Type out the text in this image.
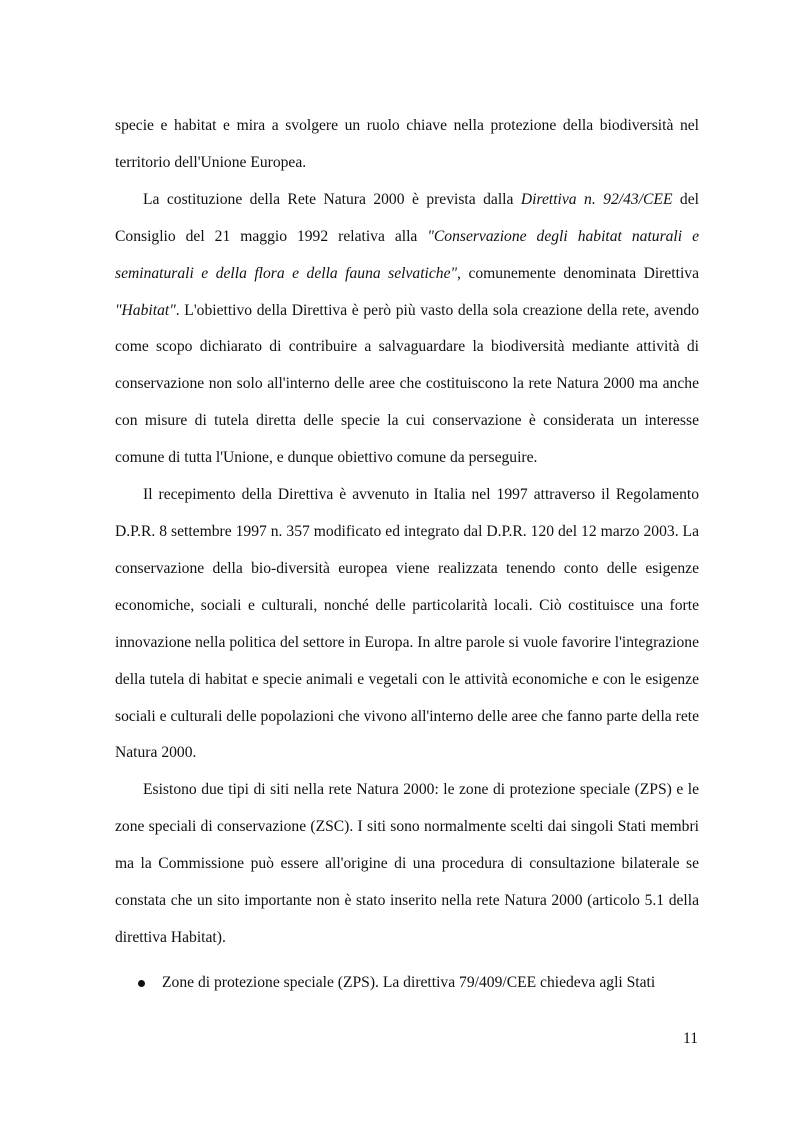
specie e habitat e mira a svolgere un ruolo chiave nella protezione della biodiversità nel territorio dell'Unione Europea.

La costituzione della Rete Natura 2000 è prevista dalla Direttiva n. 92/43/CEE del Consiglio del 21 maggio 1992 relativa alla "Conservazione degli habitat naturali e seminaturali e della flora e della fauna selvatiche", comunemente denominata Direttiva "Habitat". L'obiettivo della Direttiva è però più vasto della sola creazione della rete, avendo come scopo dichiarato di contribuire a salvaguardare la biodiversità mediante attività di conservazione non solo all'interno delle aree che costituiscono la rete Natura 2000 ma anche con misure di tutela diretta delle specie la cui conservazione è considerata un interesse comune di tutta l'Unione, e dunque obiettivo comune da perseguire.

Il recepimento della Direttiva è avvenuto in Italia nel 1997 attraverso il Regolamento D.P.R. 8 settembre 1997 n. 357 modificato ed integrato dal D.P.R. 120 del 12 marzo 2003. La conservazione della bio-diversità europea viene realizzata tenendo conto delle esigenze economiche, sociali e culturali, nonché delle particolarità locali. Ciò costituisce una forte innovazione nella politica del settore in Europa. In altre parole si vuole favorire l'integrazione della tutela di habitat e specie animali e vegetali con le attività economiche e con le esigenze sociali e culturali delle popolazioni che vivono all'interno delle aree che fanno parte della rete Natura 2000.

Esistono due tipi di siti nella rete Natura 2000: le zone di protezione speciale (ZPS) e le zone speciali di conservazione (ZSC). I siti sono normalmente scelti dai singoli Stati membri ma la Commissione può essere all'origine di una procedura di consultazione bilaterale se constata che un sito importante non è stato inserito nella rete Natura 2000 (articolo 5.1 della direttiva Habitat).

Zone di protezione speciale (ZPS). La direttiva 79/409/CEE chiedeva agli Stati
11
